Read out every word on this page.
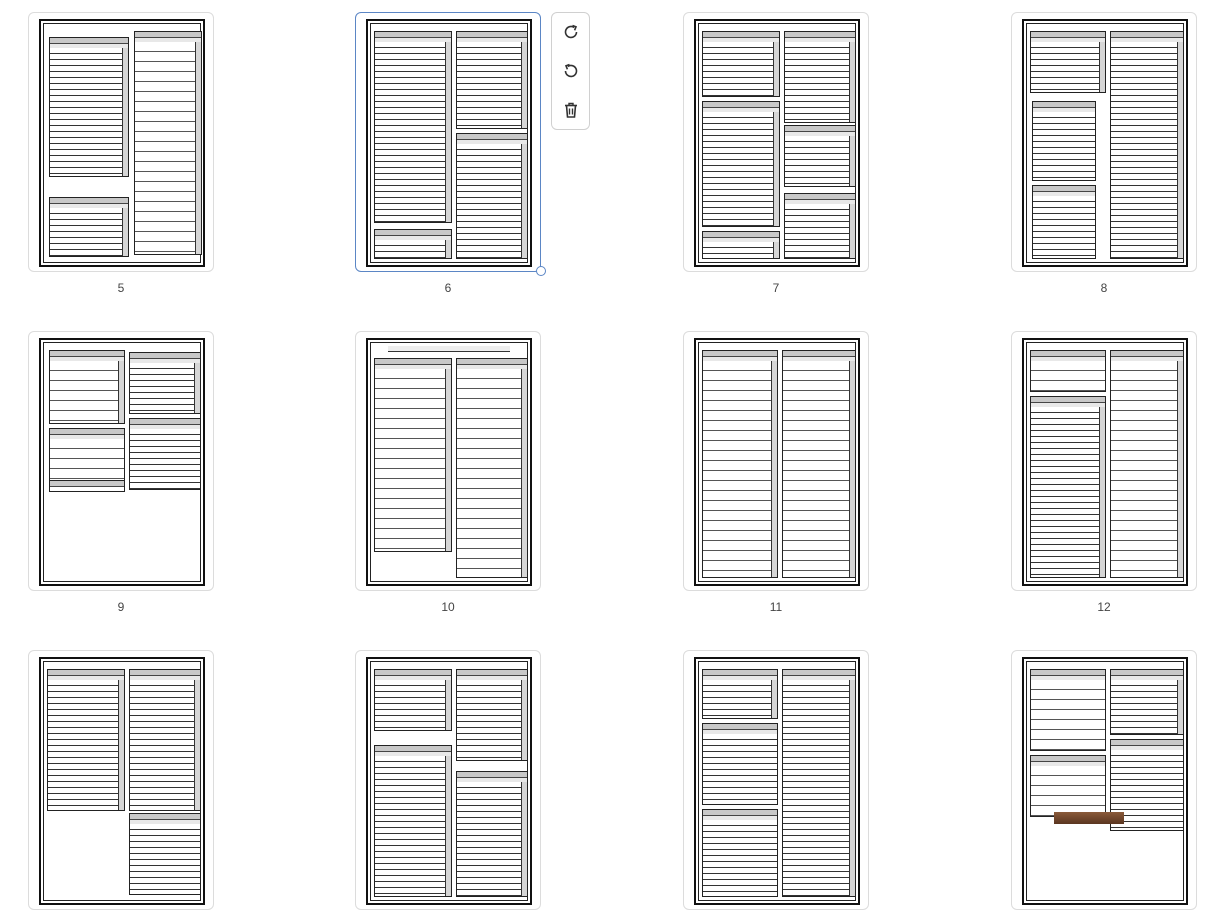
5	6	7	8
9	10	11	12
